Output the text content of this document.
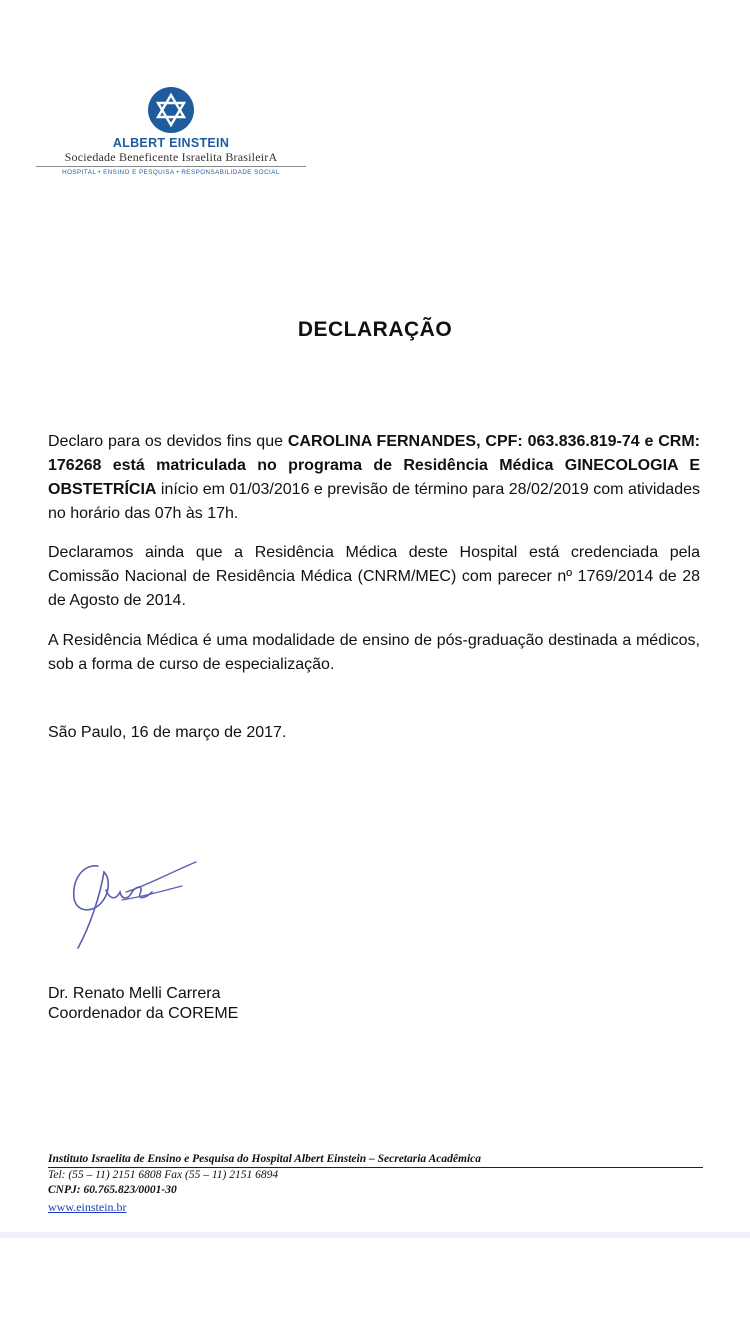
ALBERT EINSTEIN
Sociedade Beneficente Israelita BrasileirA
HOSPITAL • ENSINO E PESQUISA • RESPONSABILIDADE SOCIAL
DECLARAÇÃO
Declaro para os devidos fins que CAROLINA FERNANDES, CPF: 063.836.819-74 e CRM: 176268 está matriculada no programa de Residência Médica GINECOLOGIA E OBSTETRÍCIA início em 01/03/2016 e previsão de término para 28/02/2019 com atividades no horário das 07h às 17h.
Declaramos ainda que a Residência Médica deste Hospital está credenciada pela Comissão Nacional de Residência Médica (CNRM/MEC) com parecer nº 1769/2014 de 28 de Agosto de 2014.
A Residência Médica é uma modalidade de ensino de pós-graduação destinada a médicos, sob a forma de curso de especialização.
São Paulo, 16 de março de 2017.
Dr. Renato Melli Carrera
Coordenador da COREME
Instituto Israelita de Ensino e Pesquisa do Hospital Albert Einstein – Secretaria Acadêmica
Tel: (55 – 11) 2151 6808 Fax (55 – 11) 2151 6894
CNPJ: 60.765.823/0001-30
www.einstein.br
